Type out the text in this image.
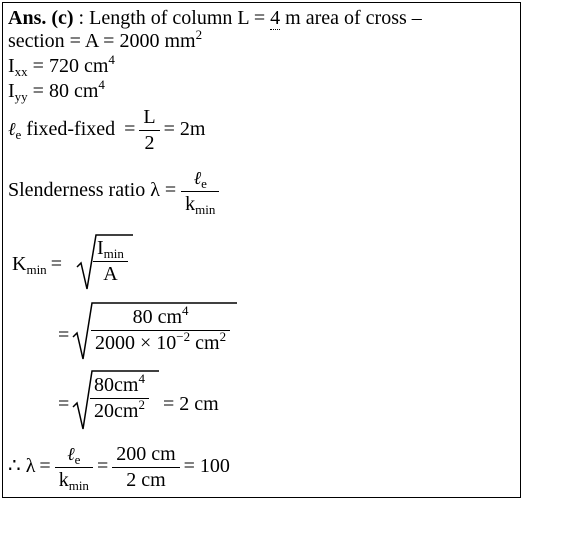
Ans. (c) : Length of column L = 4 m area of cross –
section = A = 2000 $mm^2$
$I_{xx} = 720$ $cm^4$
$I_{yy} = 80$ $cm^4$
ℓ$_e$ fixed-fixed = $\frac{L}{2} = 2m$
Slenderness ratio $\lambda = \frac{\ell_e}{k_{min}}$
$K_{min} = \frac{I_{min}}{A}$
= $\frac{80 cm^4}{2000 \times 10^{-2} cm^2}$
= $\frac{80cm^4}{20cm^2} = 2$ cm
∴ $\lambda = \frac{\ell_e}{k_{min}} = \frac{200 cm}{2 cm} = 100$
